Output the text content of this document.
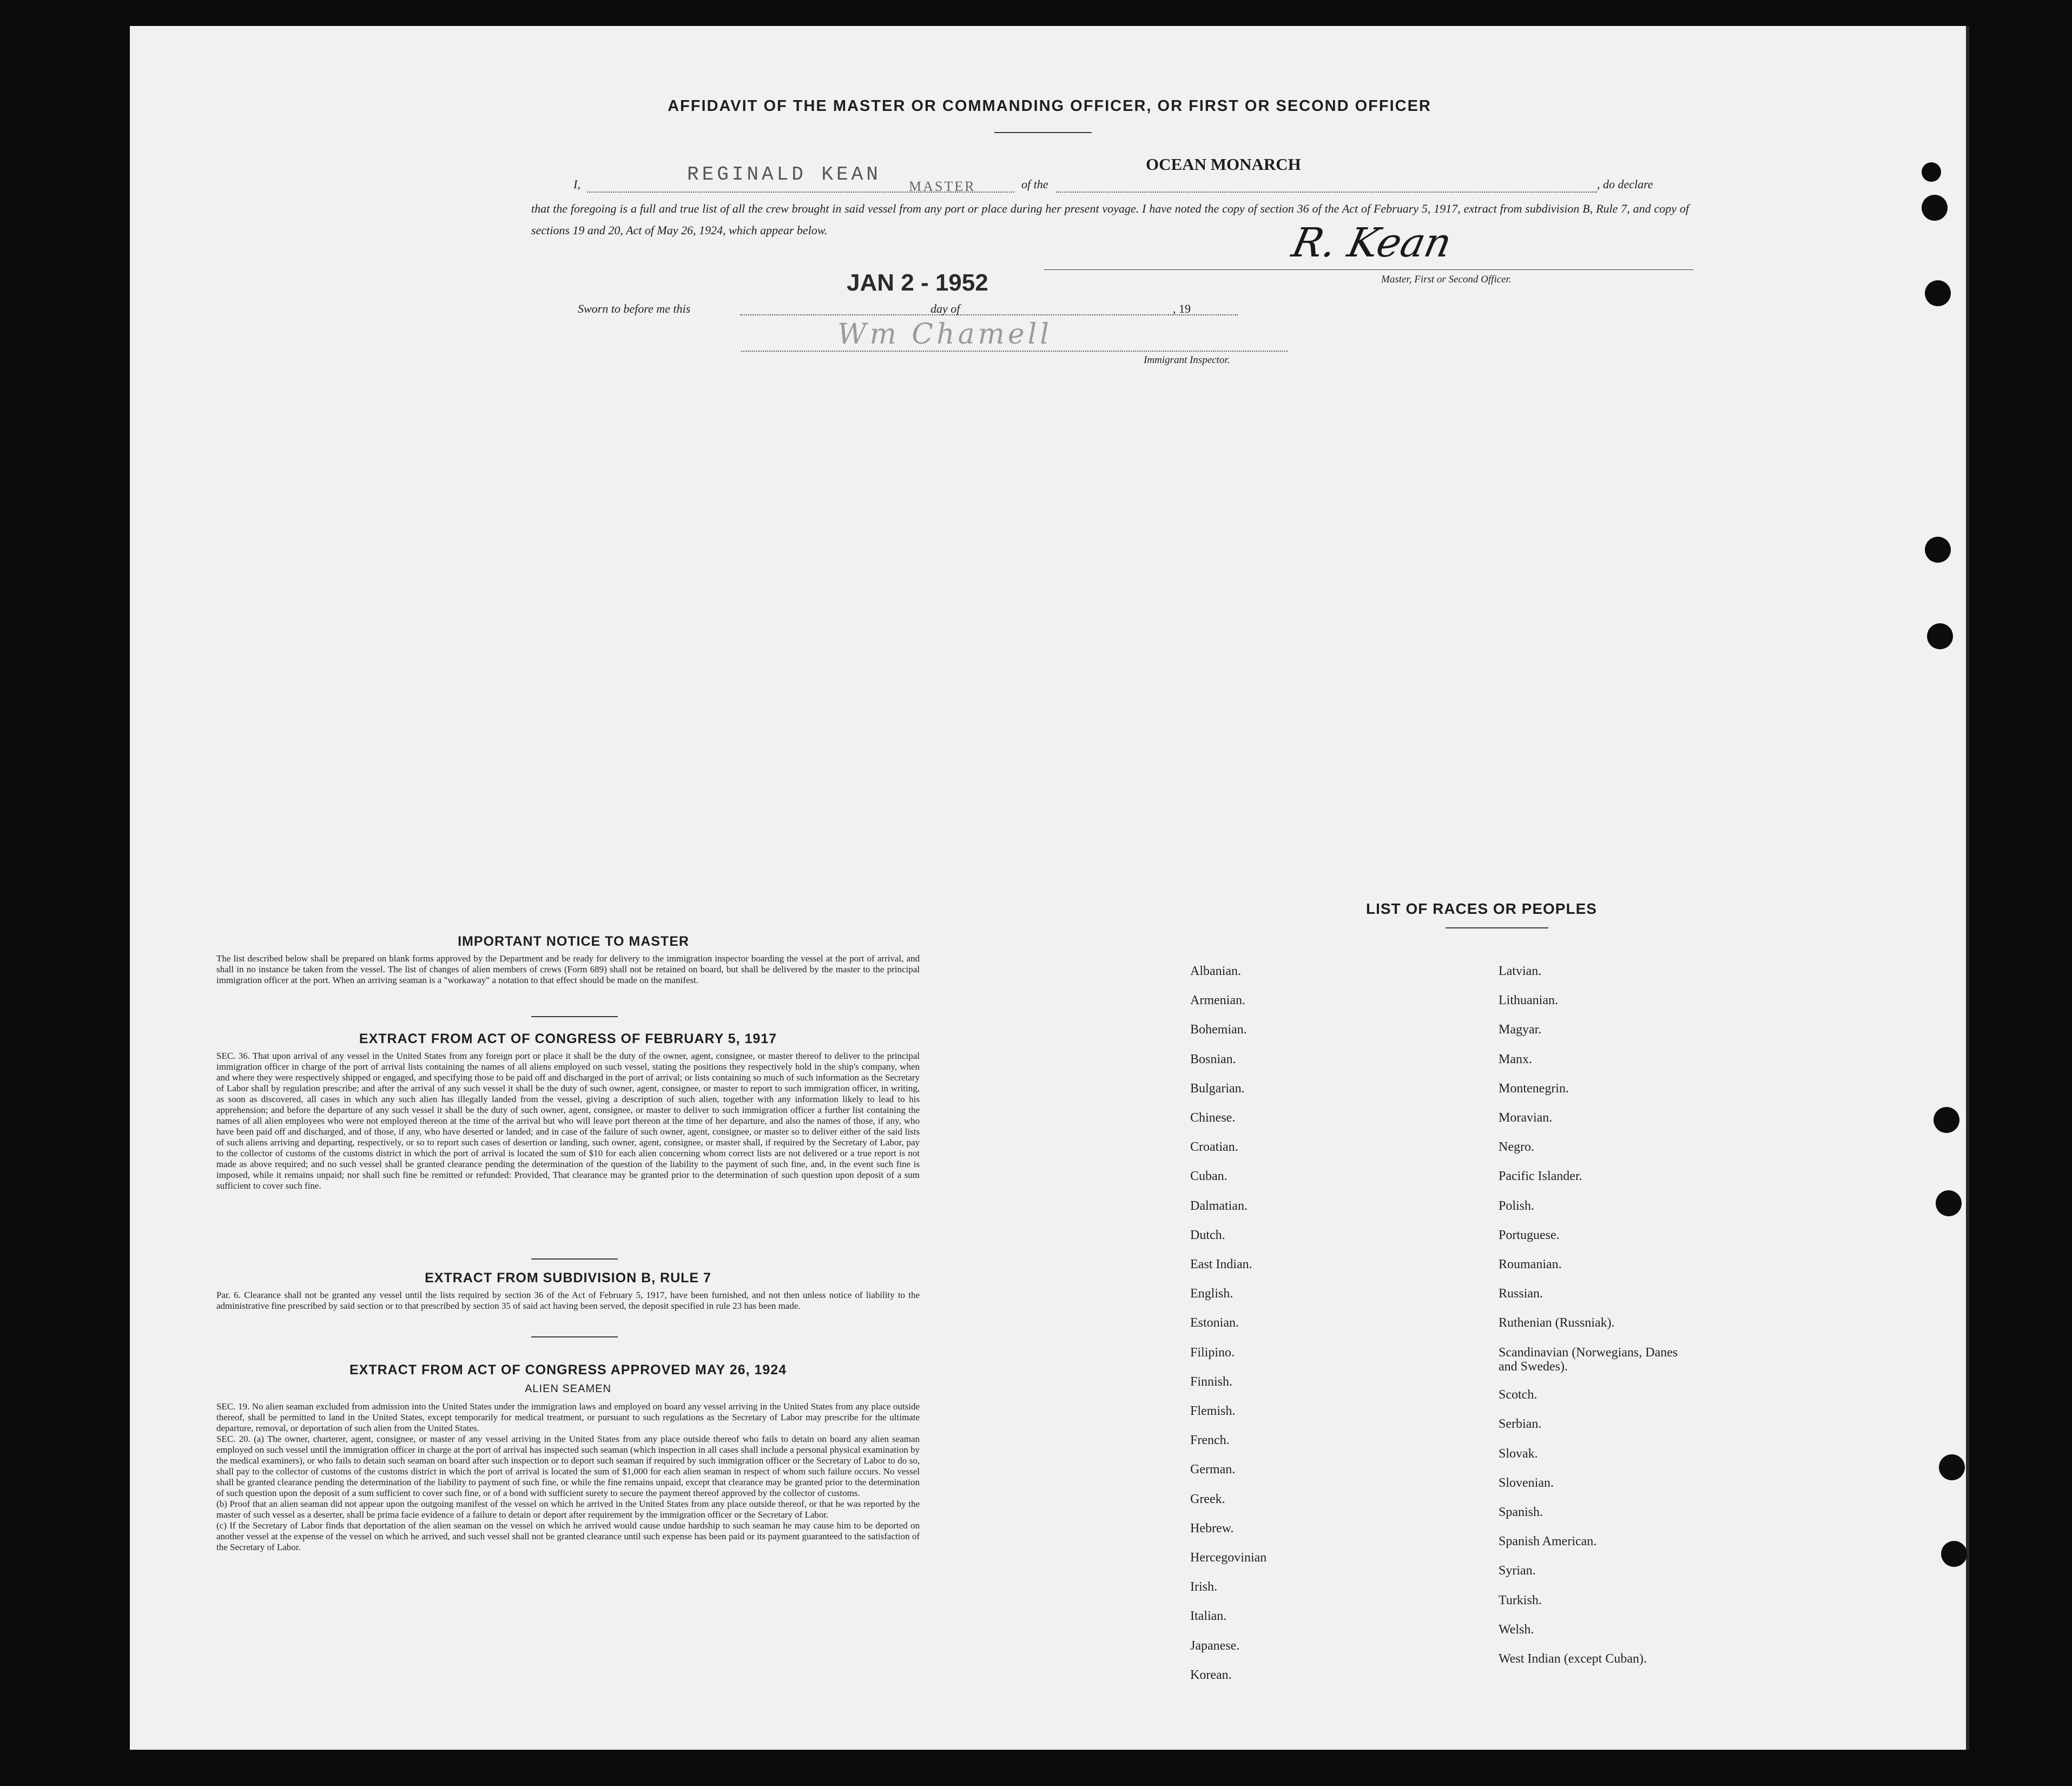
AFFIDAVIT OF THE MASTER OR COMMANDING OFFICER, OR FIRST OR SECOND OFFICER
I,	REGINALD KEAN
MASTER	of the
OCEAN MONARCH
, do declare
that the foregoing is a full and true list of all the crew brought in said vessel from any port or place during her present voyage. I have noted the copy of section 36 of the Act of February 5, 1917, extract from subdivision B, Rule 7, and copy of sections 19 and 20, Act of May 26, 1924, which appear below.	R. Kean
Master, First or Second Officer.
Sworn to before me this
JAN 2 - 1952
day of	, 19
Wm Chamell
Immigrant Inspector.
IMPORTANT NOTICE TO MASTER
The list described below shall be prepared on blank forms approved by the Department and be ready for delivery to the immigration inspector boarding the vessel at the port of arrival, and shall in no instance be taken from the vessel. The list of changes of alien members of crews (Form 689) shall not be retained on board, but shall be delivered by the master to the principal immigration officer at the port. When an arriving seaman is a "workaway" a notation to that effect should be made on the manifest.
EXTRACT FROM ACT OF CONGRESS OF FEBRUARY 5, 1917
SEC. 36. That upon arrival of any vessel in the United States from any foreign port or place it shall be the duty of the owner, agent, consignee, or master thereof to deliver to the principal immigration officer in charge of the port of arrival lists containing the names of all aliens employed on such vessel, stating the positions they respectively hold in the ship's company, when and where they were respectively shipped or engaged, and specifying those to be paid off and discharged in the port of arrival; or lists containing so much of such information as the Secretary of Labor shall by regulation prescribe; and after the arrival of any such vessel it shall be the duty of such owner, agent, consignee, or master to report to such immigration officer, in writing, as soon as discovered, all cases in which any such alien has illegally landed from the vessel, giving a description of such alien, together with any information likely to lead to his apprehension; and before the departure of any such vessel it shall be the duty of such owner, agent, consignee, or master to deliver to such immigration officer a further list containing the names of all alien employees who were not employed thereon at the time of the arrival but who will leave port thereon at the time of her departure, and also the names of those, if any, who have been paid off and discharged, and of those, if any, who have deserted or landed; and in case of the failure of such owner, agent, consignee, or master so to deliver either of the said lists of such aliens arriving and departing, respectively, or so to report such cases of desertion or landing, such owner, agent, consignee, or master shall, if required by the Secretary of Labor, pay to the collector of customs of the customs district in which the port of arrival is located the sum of $10 for each alien concerning whom correct lists are not delivered or a true report is not made as above required; and no such vessel shall be granted clearance pending the determination of the question of the liability to the payment of such fine, and, in the event such fine is imposed, while it remains unpaid; nor shall such fine be remitted or refunded: Provided, That clearance may be granted prior to the determination of such question upon deposit of a sum sufficient to cover such fine.
EXTRACT FROM SUBDIVISION B, RULE 7
Par. 6. Clearance shall not be granted any vessel until the lists required by section 36 of the Act of February 5, 1917, have been furnished, and not then unless notice of liability to the administrative fine prescribed by said section or to that prescribed by section 35 of said act having been served, the deposit specified in rule 23 has been made.
EXTRACT FROM ACT OF CONGRESS APPROVED MAY 26, 1924
ALIEN SEAMEN
SEC. 19. No alien seaman excluded from admission into the United States under the immigration laws and employed on board any vessel arriving in the United States from any place outside thereof, shall be permitted to land in the United States, except temporarily for medical treatment, or pursuant to such regulations as the Secretary of Labor may prescribe for the ultimate departure, removal, or deportation of such alien from the United States.
SEC. 20. (a) The owner, charterer, agent, consignee, or master of any vessel arriving in the United States from any place outside thereof who fails to detain on board any alien seaman employed on such vessel until the immigration officer in charge at the port of arrival has inspected such seaman (which inspection in all cases shall include a personal physical examination by the medical examiners), or who fails to detain such seaman on board after such inspection or to deport such seaman if required by such immigration officer or the Secretary of Labor to do so, shall pay to the collector of customs of the customs district in which the port of arrival is located the sum of $1,000 for each alien seaman in respect of whom such failure occurs. No vessel shall be granted clearance pending the determination of the liability to payment of such fine, or while the fine remains unpaid, except that clearance may be granted prior to the determination of such question upon the deposit of a sum sufficient to cover such fine, or of a bond with sufficient surety to secure the payment thereof approved by the collector of customs.
(b) Proof that an alien seaman did not appear upon the outgoing manifest of the vessel on which he arrived in the United States from any place outside thereof, or that he was reported by the master of such vessel as a deserter, shall be prima facie evidence of a failure to detain or deport after requirement by the immigration officer or the Secretary of Labor.
(c) If the Secretary of Labor finds that deportation of the alien seaman on the vessel on which he arrived would cause undue hardship to such seaman he may cause him to be deported on another vessel at the expense of the vessel on which he arrived, and such vessel shall not be granted clearance until such expense has been paid or its payment guaranteed to the satisfaction of the Secretary of Labor.
LIST OF RACES OR PEOPLES
Albanian.
Armenian.
Bohemian.
Bosnian.
Bulgarian.
Chinese.
Croatian.
Cuban.
Dalmatian.
Dutch.
East Indian.
English.
Estonian.
Filipino.
Finnish.
Flemish.
French.
German.
Greek.
Hebrew.
Hercegovinian
Irish.
Italian.
Japanese.
Korean.
Latvian.
Lithuanian.
Magyar.
Manx.
Montenegrin.
Moravian.
Negro.
Pacific Islander.
Polish.
Portuguese.
Roumanian.
Russian.
Ruthenian (Russniak).
Scandinavian (Norwegians, Danes and Swedes).
Scotch.
Serbian.
Slovak.
Slovenian.
Spanish.
Spanish American.
Syrian.
Turkish.
Welsh.
West Indian (except Cuban).
